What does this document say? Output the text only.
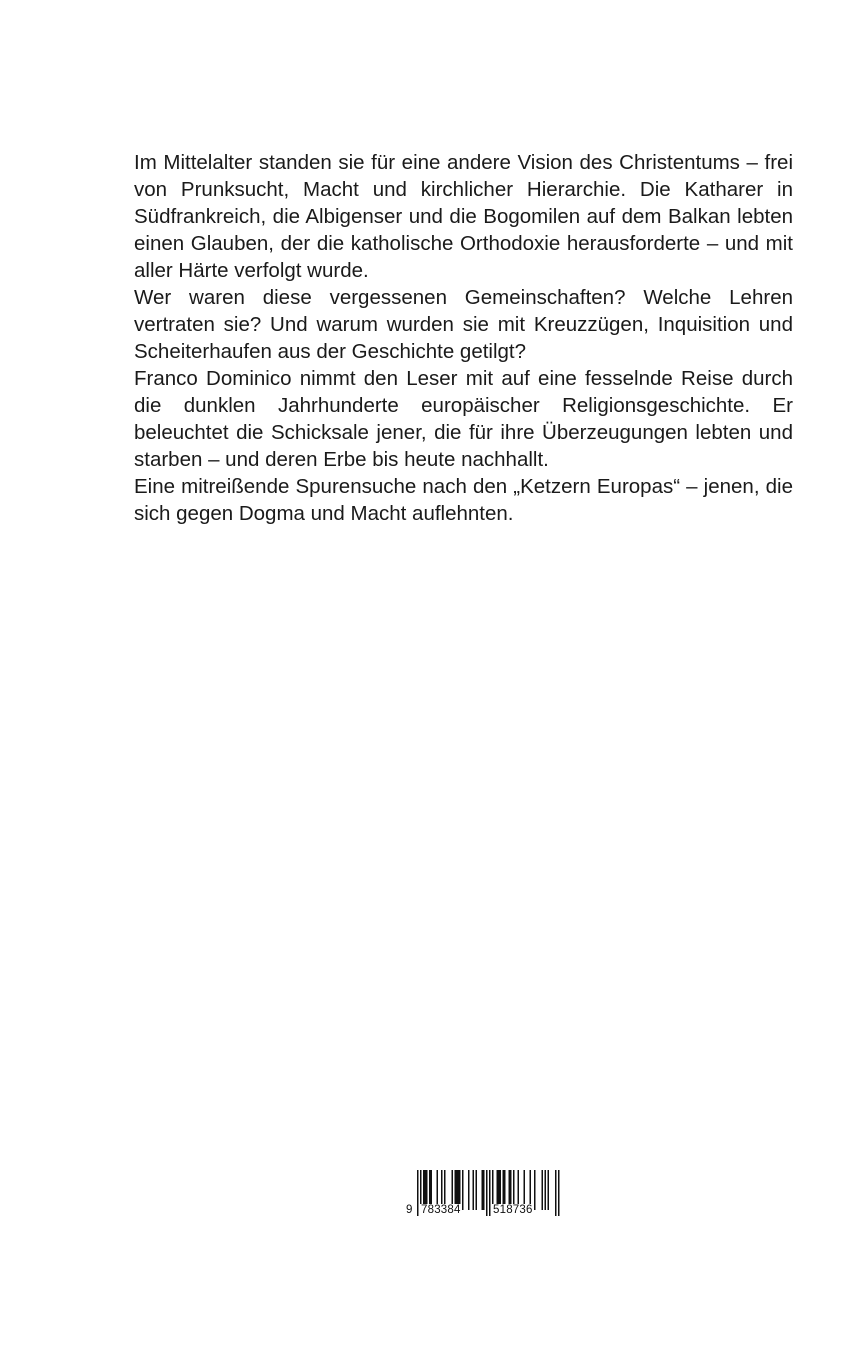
Im Mittelalter standen sie für eine andere Vision des Christentums – frei von Prunksucht, Macht und kirchlicher Hierarchie. Die Katharer in Südfrankreich, die Albigenser und die Bogomilen auf dem Balkan lebten einen Glauben, der die katholische Orthodoxie herausforderte – und mit aller Härte verfolgt wurde.

Wer waren diese vergessenen Gemeinschaften? Welche Lehren vertraten sie? Und warum wurden sie mit Kreuzzügen, Inquisition und Scheiterhaufen aus der Geschichte getilgt?

Franco Dominico nimmt den Leser mit auf eine fesselnde Reise durch die dunklen Jahrhunderte europäischer Religionsgeschichte. Er beleuchtet die Schicksale jener, die für ihre Überzeugungen lebten und starben – und deren Erbe bis heute nachhallt.

Eine mitreißende Spurensuche nach den „Ketzern Europas“ – jenen, die sich gegen Dogma und Macht auflehnten.

9 783384	518736
